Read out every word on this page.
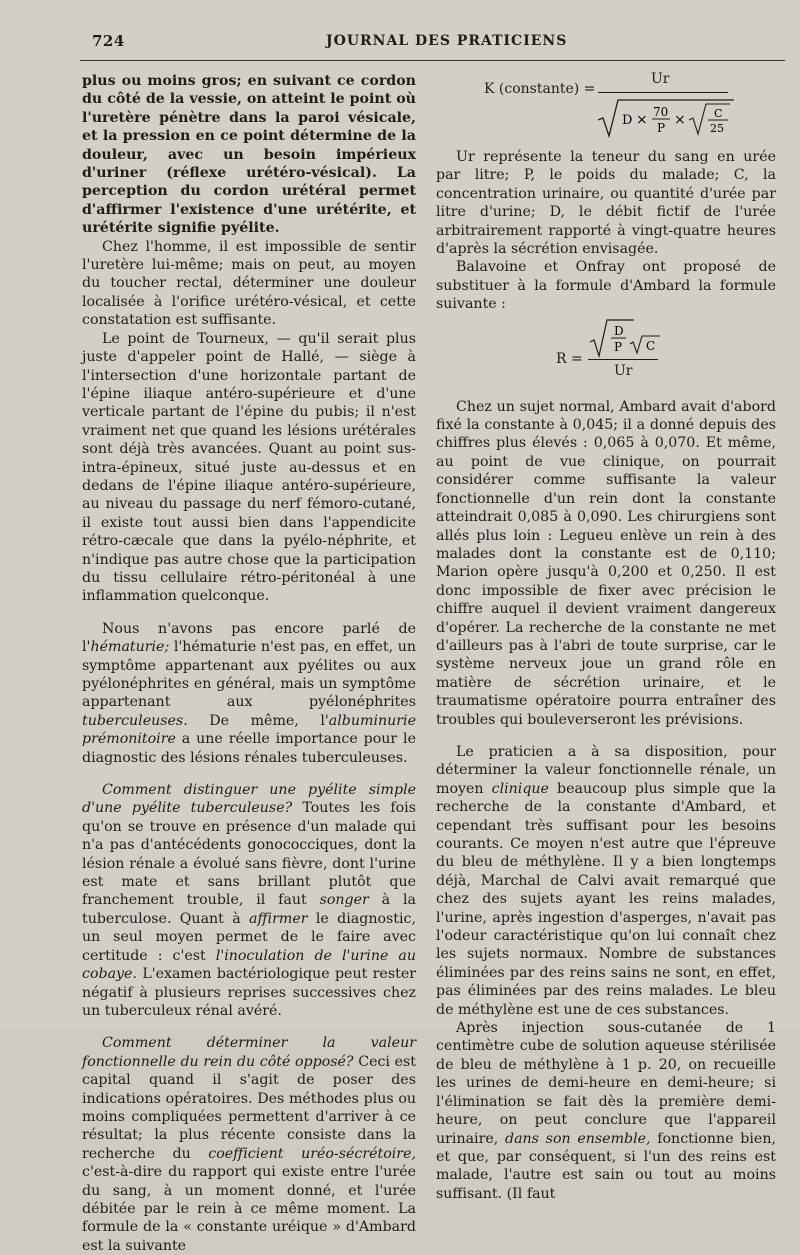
724	JOURNAL DES PRATICIENS

plus ou moins gros; en suivant ce cordon du côté de la vessie, on atteint le point où l'uretère pénètre dans la paroi vésicale, et la pression en ce point détermine de la douleur, avec un besoin impérieux d'uriner (réflexe urétéro-vésical). La perception du cordon urétéral permet d'affirmer l'existence d'une urétérite, et urétérite signifie pyélite.

Chez l'homme, il est impossible de sentir l'uretère lui-même; mais on peut, au moyen du toucher rectal, déterminer une douleur localisée à l'orifice urétéro-vésical, et cette constatation est suffisante.

Le point de Tourneux, — qu'il serait plus juste d'appeler point de Hallé, — siège à l'intersection d'une horizontale partant de l'épine iliaque antéro-supérieure et d'une verticale partant de l'épine du pubis; il n'est vraiment net que quand les lésions urétérales sont déjà très avancées. Quant au point sus-intra-épineux, situé juste au-dessus et en dedans de l'épine iliaque antéro-supérieure, au niveau du passage du nerf fémoro-cutané, il existe tout aussi bien dans l'appendicite rétro-cæcale que dans la pyélo-néphrite, et n'indique pas autre chose que la participation du tissu cellulaire rétro-péritonéal à une inflammation quelconque.

Nous n'avons pas encore parlé de l'hématurie; l'hématurie n'est pas, en effet, un symptôme appartenant aux pyélites ou aux pyélonéphrites en général, mais un symptôme appartenant aux pyélonéphrites tuberculeuses. De même, l'albuminurie prémonitoire a une réelle importance pour le diagnostic des lésions rénales tuberculeuses.

Comment distinguer une pyélite simple d'une pyélite tuberculeuse? Toutes les fois qu'on se trouve en présence d'un malade qui n'a pas d'antécédents gonococciques, dont la lésion rénale a évolué sans fièvre, dont l'urine est mate et sans brillant plutôt que franchement trouble, il faut songer à la tuberculose. Quant à affirmer le diagnostic, un seul moyen permet de le faire avec certitude : c'est l'inoculation de l'urine au cobaye. L'examen bactériologique peut rester négatif à plusieurs reprises successives chez un tuberculeux rénal avéré.

Comment déterminer la valeur fonctionnelle du rein du côté opposé? Ceci est capital quand il s'agit de poser des indications opératoires. Des méthodes plus ou moins compliquées permettent d'arriver à ce résultat; la plus récente consiste dans la recherche du coefficient uréo-sécrétoire, c'est-à-dire du rapport qui existe entre l'urée du sang, à un moment donné, et l'urée débitée par le rein à ce même moment. La formule de la « constante uréique » d'Ambard est la suivante

K (constante) =
Ur
D × 70
P ×	C
25

Ur représente la teneur du sang en urée par litre; P, le poids du malade; C, la concentration urinaire, ou quantité d'urée par litre d'urine; D, le débit fictif de l'urée arbitrairement rapporté à vingt-quatre heures d'après la sécrétion envisagée.

Balavoine et Onfray ont proposé de substituer à la formule d'Ambard la formule suivante :

R =
D
P C
Ur

Chez un sujet normal, Ambard avait d'abord fixé la constante à 0,045; il a donné depuis des chiffres plus élevés : 0,065 à 0,070. Et même, au point de vue clinique, on pourrait considérer comme suffisante la valeur fonctionnelle d'un rein dont la constante atteindrait 0,085 à 0,090. Les chirurgiens sont allés plus loin : Legueu enlève un rein à des malades dont la constante est de 0,110; Marion opère jusqu'à 0,200 et 0,250. Il est donc impossible de fixer avec précision le chiffre auquel il devient vraiment dangereux d'opérer. La recherche de la constante ne met d'ailleurs pas à l'abri de toute surprise, car le système nerveux joue un grand rôle en matière de sécrétion urinaire, et le traumatisme opératoire pourra entraîner des troubles qui bouleverseront les prévisions.

Le praticien a à sa disposition, pour déterminer la valeur fonctionnelle rénale, un moyen clinique beaucoup plus simple que la recherche de la constante d'Ambard, et cependant très suffisant pour les besoins courants. Ce moyen n'est autre que l'épreuve du bleu de méthylène. Il y a bien longtemps déjà, Marchal de Calvi avait remarqué que chez des sujets ayant les reins malades, l'urine, après ingestion d'asperges, n'avait pas l'odeur caractéristique qu'on lui connaît chez les sujets normaux. Nombre de substances éliminées par des reins sains ne sont, en effet, pas éliminées par des reins malades. Le bleu de méthylène est une de ces substances.

Après injection sous-cutanée de 1 centimètre cube de solution aqueuse stérilisée de bleu de méthylène à 1 p. 20, on recueille les urines de demi-heure en demi-heure; si l'élimination se fait dès la première demi-heure, on peut conclure que l'appareil urinaire, dans son ensemble, fonctionne bien, et que, par conséquent, si l'un des reins est malade, l'autre est sain ou tout au moins suffisant. (Il faut
